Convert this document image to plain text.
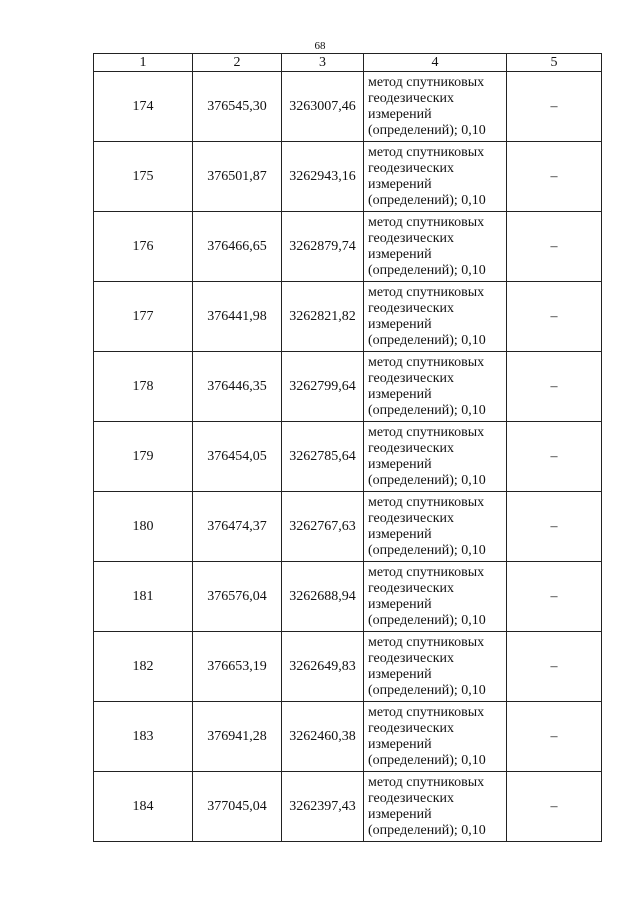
68
1	2	3	4	5
174	376545,30	3263007,46	метод спутниковых
геодезических
измерений
(определений); 0,10	–
175	376501,87	3262943,16	метод спутниковых
геодезических
измерений
(определений); 0,10	–
176	376466,65	3262879,74	метод спутниковых
геодезических
измерений
(определений); 0,10	–
177	376441,98	3262821,82	метод спутниковых
геодезических
измерений
(определений); 0,10	–
178	376446,35	3262799,64	метод спутниковых
геодезических
измерений
(определений); 0,10	–
179	376454,05	3262785,64	метод спутниковых
геодезических
измерений
(определений); 0,10	–
180	376474,37	3262767,63	метод спутниковых
геодезических
измерений
(определений); 0,10	–
181	376576,04	3262688,94	метод спутниковых
геодезических
измерений
(определений); 0,10	–
182	376653,19	3262649,83	метод спутниковых
геодезических
измерений
(определений); 0,10	–
183	376941,28	3262460,38	метод спутниковых
геодезических
измерений
(определений); 0,10	–
184	377045,04	3262397,43	метод спутниковых
геодезических
измерений
(определений); 0,10	–
